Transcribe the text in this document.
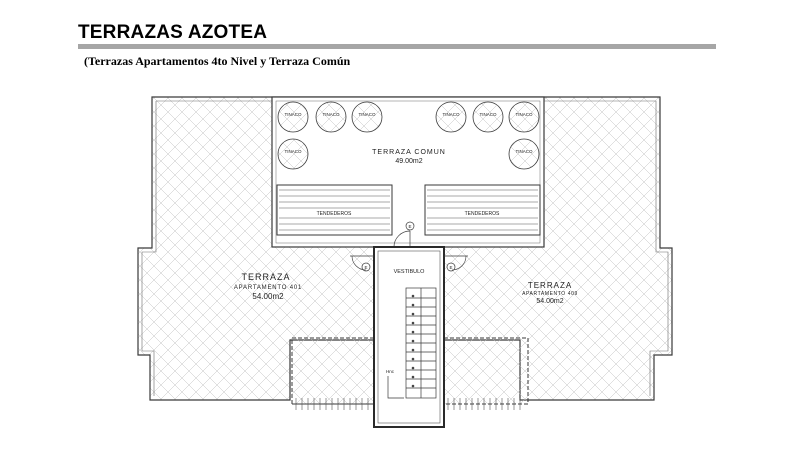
TERRAZAS AZOTEA
(Terrazas Apartamentos 4to Nivel y Terraza Común
TERRAZA COMUN
49.00m2
TINACO	TINACO	TINACO	TINACO	TINACO	TINACO
TINACO	TINACO
TENDEDEROS	TENDEDEROS
VESTIBULO
Hnc
E
E	E
TERRAZA
APARTAMENTO 401
54.00m2
TERRAZA
APARTAMENTO 409
54.00m2
